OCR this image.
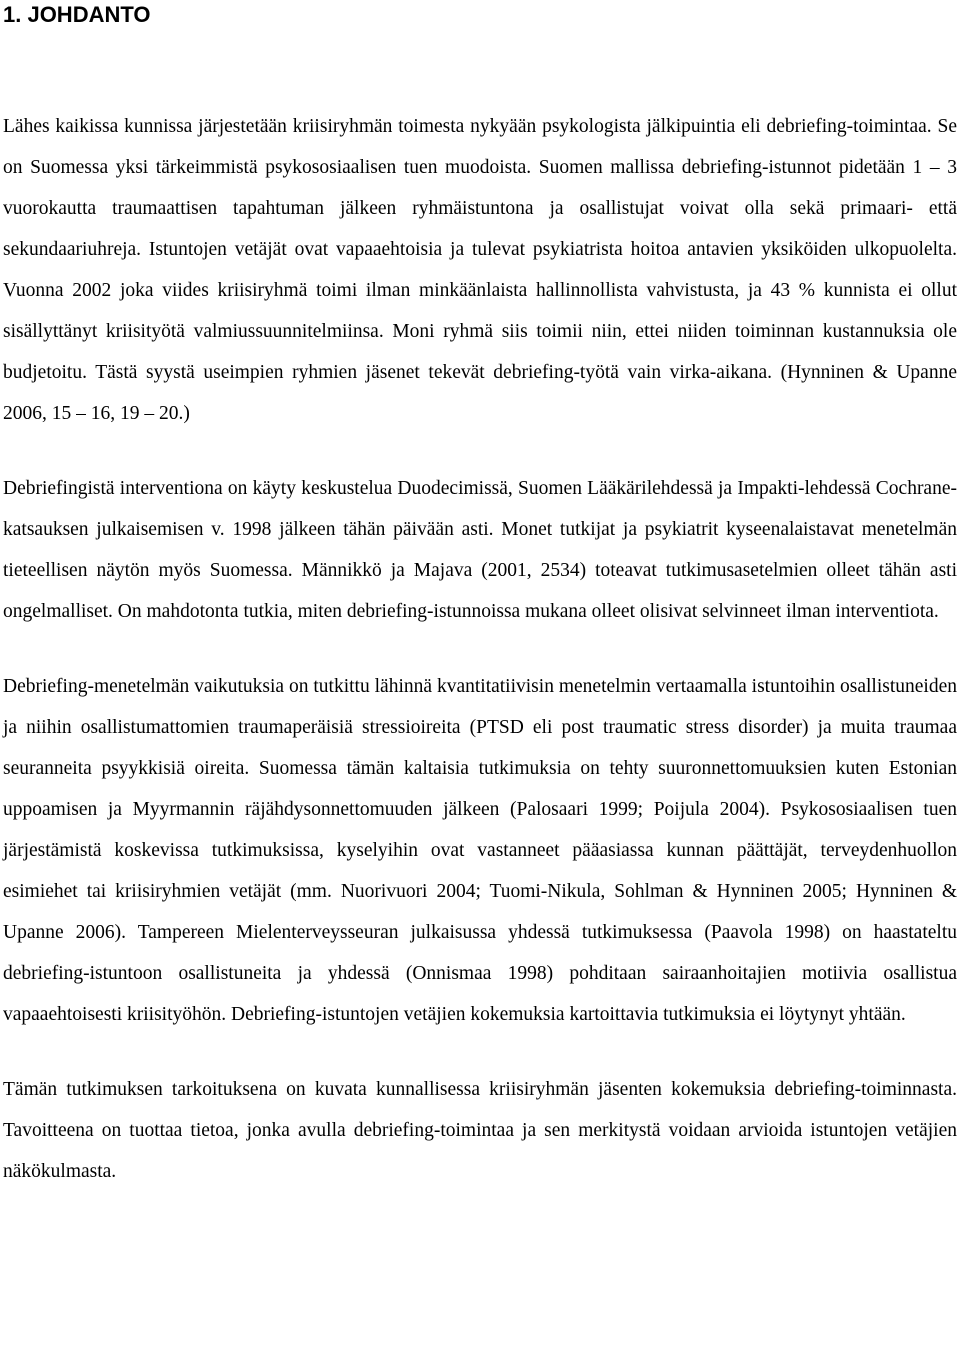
1. JOHDANTO

Lähes kaikissa kunnissa järjestetään kriisiryhmän toimesta nykyään psykologista jälkipuintia eli debriefing-toimintaa. Se on Suomessa yksi tärkeimmistä psykososiaalisen tuen muodoista. Suomen mallissa debriefing-istunnot pidetään 1 – 3 vuorokautta traumaattisen tapahtuman jälkeen ryhmäistuntona ja osallistujat voivat olla sekä primaari- että sekundaariuhreja. Istuntojen vetäjät ovat vapaaehtoisia ja tulevat psykiatrista hoitoa antavien yksiköiden ulkopuolelta. Vuonna 2002 joka viides kriisiryhmä toimi ilman minkäänlaista hallinnollista vahvistusta, ja 43 % kunnista ei ollut sisällyttänyt kriisityötä valmiussuunnitelmiinsa. Moni ryhmä siis toimii niin, ettei niiden toiminnan kustannuksia ole budjetoitu. Tästä syystä useimpien ryhmien jäsenet tekevät debriefing-työtä vain virka-aikana. (Hynninen & Upanne 2006, 15 – 16, 19 – 20.)

Debriefingistä interventiona on käyty keskustelua Duodecimissä, Suomen Lääkärilehdessä ja Impakti-lehdessä Cochrane-katsauksen julkaisemisen v. 1998 jälkeen tähän päivään asti. Monet tutkijat ja psykiatrit kyseenalaistavat menetelmän tieteellisen näytön myös Suomessa. Männikkö ja Majava (2001, 2534) toteavat tutkimusasetelmien olleet tähän asti ongelmalliset. On mahdotonta tutkia, miten debriefing-istunnoissa mukana olleet olisivat selvinneet ilman interventiota.

Debriefing-menetelmän vaikutuksia on tutkittu lähinnä kvantitatiivisin menetelmin vertaamalla istuntoihin osallistuneiden ja niihin osallistumattomien traumaperäisiä stressioireita (PTSD eli post traumatic stress disorder) ja muita traumaa seuranneita psyykkisiä oireita. Suomessa tämän kaltaisia tutkimuksia on tehty suuronnettomuuksien kuten Estonian uppoamisen ja Myyrmannin räjähdysonnettomuuden jälkeen (Palosaari 1999; Poijula 2004). Psykososiaalisen tuen järjestämistä koskevissa tutkimuksissa, kyselyihin ovat vastanneet pääasiassa kunnan päättäjät, terveydenhuollon esimiehet tai kriisiryhmien vetäjät (mm. Nuorivuori 2004; Tuomi-Nikula, Sohlman & Hynninen 2005; Hynninen & Upanne 2006). Tampereen Mielenterveysseuran julkaisussa yhdessä tutkimuksessa (Paavola 1998) on haastateltu debriefing-istuntoon osallistuneita ja yhdessä (Onnismaa 1998) pohditaan sairaanhoitajien motiivia osallistua vapaaehtoisesti kriisityöhön. Debriefing-istuntojen vetäjien kokemuksia kartoittavia tutkimuksia ei löytynyt yhtään.

Tämän tutkimuksen tarkoituksena on kuvata kunnallisessa kriisiryhmän jäsenten kokemuksia debriefing-toiminnasta. Tavoitteena on tuottaa tietoa, jonka avulla debriefing-toimintaa ja sen merkitystä voidaan arvioida istuntojen vetäjien näkökulmasta.
